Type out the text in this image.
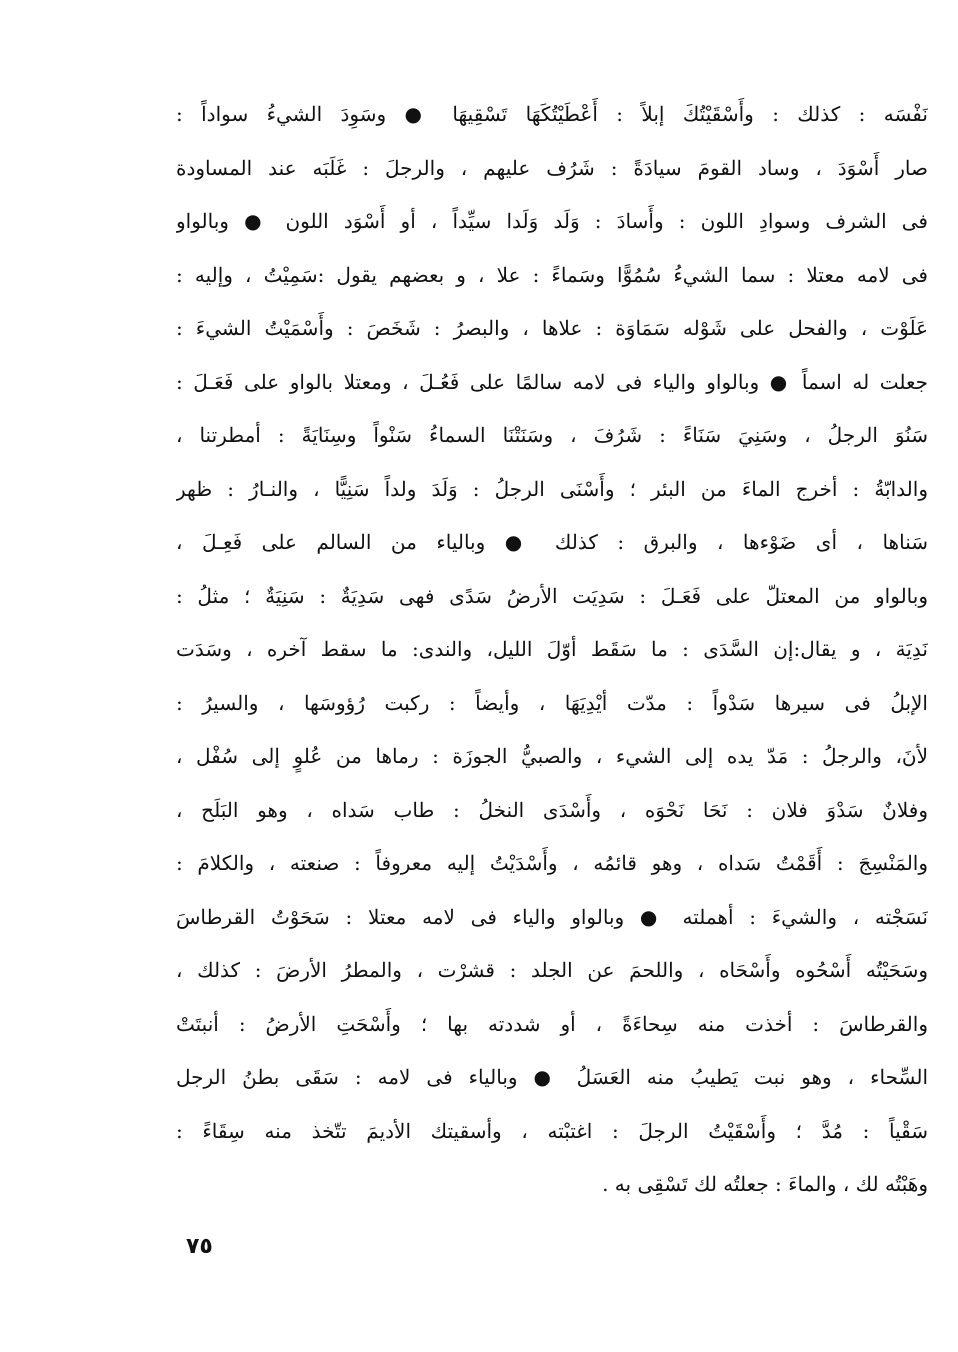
نَفْسَه : كذلك : وأَسْقَيْتُكَ إبلاً : أَعْطَيْتُكَهَا تَسْقِيهَا ● وسَوِدَ الشيءُ سواداً :
صار أَسْوَدَ ، وساد القومَ سيادَةً : شَرُف عليهم ، والرجلَ : غَلَبَه عند المساودة
فى الشرف وسوادِ اللون : وأَسادَ : وَلَد وَلَدا سيِّداً ، أو أَسْوَد اللون ● وبالواو
فى لامه معتلا : سما الشيءُ سُمُوًّا وسَماءً : علا ، و بعضهم يقول :سَمِيْتُ ، وإليه :
عَلَوْت ، والفحل على شَوْله سَمَاوَة : علاها ، والبصرُ : شَخَصَ : وأَسْمَيْتُ الشيءَ :
جعلت له اسماً ● وبالواو والياء فى لامه سالمًا على فَعُـلَ ، ومعتلا بالواو على فَعَـلَ :
سَنُوَ الرجلُ ، وسَنِيَ سَنَاءً : شَرُفَ ، وسَنَتْنَا السماءُ سَنْواً وسِنَايَةً : أمطرتنا ،
والدابّةُ : أخرج الماءَ من البئر ؛ وأَسْنَى الرجلُ : وَلَدَ ولداً سَنِيًّا ، والنـارُ : ظهر
سَناها ، أى ضَوْءها ، والبرق : كذلك ● وبالياء من السالم على فَعِـلَ ،
وبالواو من المعتلّ على فَعَـلَ : سَدِيَت الأرضُ سَدًى فهى سَدِيَةٌ : سَنِيَةٌ ؛ مثلُ :
نَدِيَة ، و يقال:إن السَّدَى : ما سَقَط أوّلَ الليل، والندى: ما سقط آخره ، وسَدَت
الإبلُ فى سيرها سَدْواً : مدّت أيْدِيَهَا ، وأيضاً : ركبت رُؤوسَها ، والسيرُ :
لأنَ، والرجلُ : مَدّ يده إلى الشيء ، والصبيُّ الجوزَة : رماها من عُلوٍ إلى سُفْل ،
وفلانٌ سَدْوَ فلان : نَحَا نَحْوَه ، وأَسْدَى النخلُ : طاب سَداه ، وهو البَلَح ،
والمَنْسِجَ : أَقَمْتُ سَداه ، وهو قائمُه ، وأَسْدَيْتُ إليه معروفاً : صنعته ، والكلامَ :
نَسَجْته ، والشيءَ : أهملته ● وبالواو والياء فى لامه معتلا : سَحَوْتُ القرطاسَ
وسَحَيْتُه أَسْحُوه وأَسْحَاه ، واللحمَ عن الجلد : قشرْت ، والمطرُ الأرضَ : كذلك ،
والقرطاسَ : أخذت منه سِحاءَةً ، أو شددته بها ؛ وأَسْحَتِ الأرضُ : أنبتَتْ
السِّحاء ، وهو نبت يَطيبُ منه العَسَلُ ● وبالياء فى لامه : سَقَى بطنُ الرجل
سَقْياً : مُدَّ ؛ وأَسْقَيْتُ الرجلَ : اغتبْته ، وأسقيتك الأديمَ تتّخذ منه سِقَاءً :
وهَبْتُه لك ، والماءَ : جعلتُه لك تَسْقِى به .
٧٥
